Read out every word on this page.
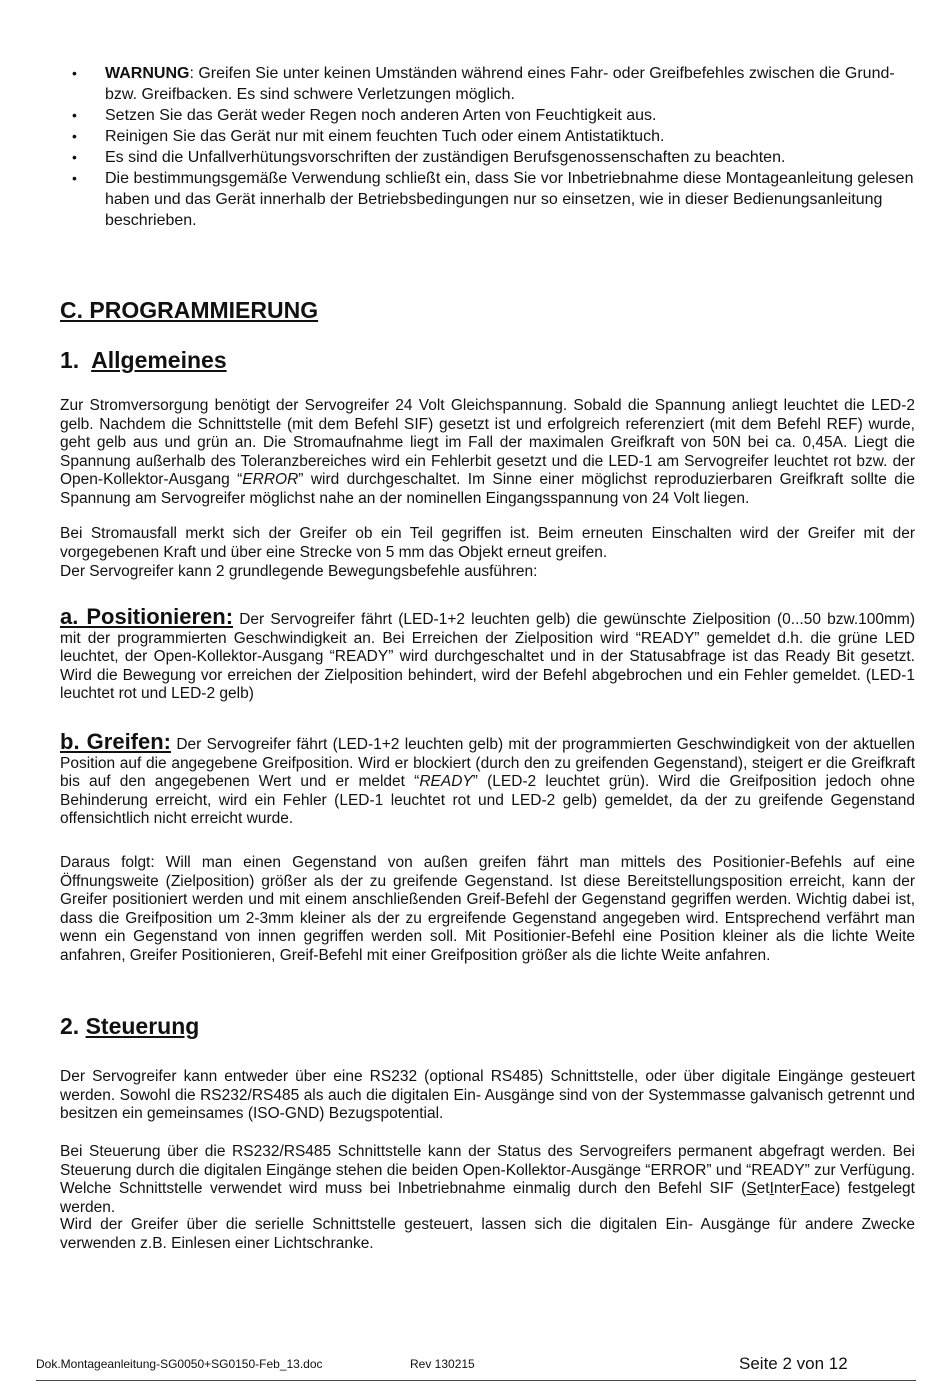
• WARNUNG: Greifen Sie unter keinen Umständen während eines Fahr- oder Greifbefehles zwischen die Grund- bzw. Greifbacken. Es sind schwere Verletzungen möglich.
• Setzen Sie das Gerät weder Regen noch anderen Arten von Feuchtigkeit aus.
• Reinigen Sie das Gerät nur mit einem feuchten Tuch oder einem Antistatiktuch.
• Es sind die Unfallverhütungsvorschriften der zuständigen Berufsgenossenschaften zu beachten.
• Die bestimmungsgemäße Verwendung schließt ein, dass Sie vor Inbetriebnahme diese Montageanleitung gelesen haben und das Gerät innerhalb der Betriebsbedingungen nur so einsetzen, wie in dieser Bedienungsanleitung beschrieben.
C. PROGRAMMIERUNG
1. Allgemeines

Zur Stromversorgung benötigt der Servogreifer 24 Volt Gleichspannung. Sobald die Spannung anliegt leuchtet die LED-2 gelb. Nachdem die Schnittstelle (mit dem Befehl SIF) gesetzt ist und erfolgreich referenziert (mit dem Befehl REF) wurde, geht gelb aus und grün an. Die Stromaufnahme liegt im Fall der maximalen Greifkraft von 50N bei ca. 0,45A. Liegt die Spannung außerhalb des Toleranzbereiches wird ein Fehlerbit gesetzt und die LED-1 am Servogreifer leuchtet rot bzw. der Open-Kollektor-Ausgang “ERROR” wird durchgeschaltet. Im Sinne einer möglichst reproduzierbaren Greifkraft sollte die Spannung am Servogreifer möglichst nahe an der nominellen Eingangsspannung von 24 Volt liegen.

Bei Stromausfall merkt sich der Greifer ob ein Teil gegriffen ist. Beim erneuten Einschalten wird der Greifer mit der vorgegebenen Kraft und über eine Strecke von 5 mm das Objekt erneut greifen.

Der Servogreifer kann 2 grundlegende Bewegungsbefehle ausführen:

a. Positionieren: Der Servogreifer fährt (LED-1+2 leuchten gelb) die gewünschte Zielposition (0...50 bzw.100mm) mit der programmierten Geschwindigkeit an. Bei Erreichen der Zielposition wird “READY” gemeldet d.h. die grüne LED leuchtet, der Open-Kollektor-Ausgang “READY” wird durchgeschaltet und in der Statusabfrage ist das Ready Bit gesetzt. Wird die Bewegung vor erreichen der Zielposition behindert, wird der Befehl abgebrochen und ein Fehler gemeldet. (LED-1 leuchtet rot und LED-2 gelb)

b. Greifen: Der Servogreifer fährt (LED-1+2 leuchten gelb) mit der programmierten Geschwindigkeit von der aktuellen Position auf die angegebene Greifposition. Wird er blockiert (durch den zu greifenden Gegenstand), steigert er die Greifkraft bis auf den angegebenen Wert und er meldet “READY” (LED-2 leuchtet grün). Wird die Greifposition jedoch ohne Behinderung erreicht, wird ein Fehler (LED-1 leuchtet rot und LED-2 gelb) gemeldet, da der zu greifende Gegenstand offensichtlich nicht erreicht wurde.

Daraus folgt: Will man einen Gegenstand von außen greifen fährt man mittels des Positionier-Befehls auf eine Öffnungsweite (Zielposition) größer als der zu greifende Gegenstand. Ist diese Bereitstellungsposition erreicht, kann der Greifer positioniert werden und mit einem anschließenden Greif-Befehl der Gegenstand gegriffen werden. Wichtig dabei ist, dass die Greifposition um 2-3mm kleiner als der zu ergreifende Gegenstand angegeben wird. Entsprechend verfährt man wenn ein Gegenstand von innen gegriffen werden soll. Mit Positionier-Befehl eine Position kleiner als die lichte Weite anfahren, Greifer Positionieren, Greif-Befehl mit einer Greifposition größer als die lichte Weite anfahren.

2. Steuerung

Der Servogreifer kann entweder über eine RS232 (optional RS485) Schnittstelle, oder über digitale Eingänge gesteuert werden. Sowohl die RS232/RS485 als auch die digitalen Ein- Ausgänge sind von der Systemmasse galvanisch getrennt und besitzen ein gemeinsames (ISO-GND) Bezugspotential.

Bei Steuerung über die RS232/RS485 Schnittstelle kann der Status des Servogreifers permanent abgefragt werden. Bei Steuerung durch die digitalen Eingänge stehen die beiden Open-Kollektor-Ausgänge “ERROR” und “READY” zur Verfügung. Welche Schnittstelle verwendet wird muss bei Inbetriebnahme einmalig durch den Befehl SIF (SetInterFace) festgelegt werden.

Wird der Greifer über die serielle Schnittstelle gesteuert, lassen sich die digitalen Ein- Ausgänge für andere Zwecke verwenden z.B. Einlesen einer Lichtschranke.

Dok.Montageanleitung-SG0050+SG0150-Feb_13.doc	Rev 130215	Seite 2 von 12
